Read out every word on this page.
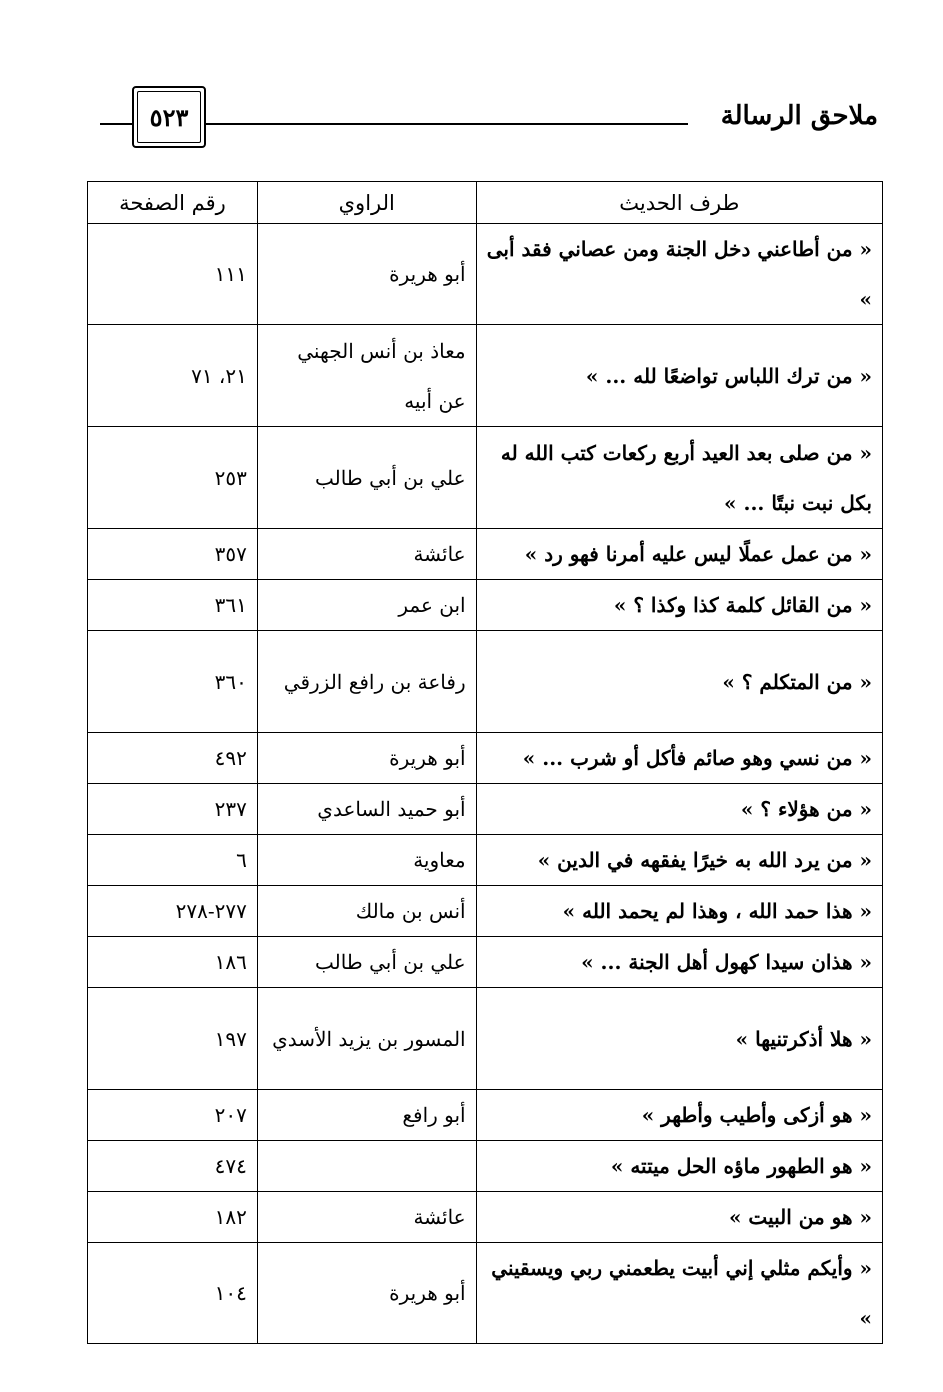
ملاحق الرسالة
٥٢٣
طرف الحديث	الراوي	رقم الصفحة
« من أطاعني دخل الجنة ومن عصاني فقد أبى »	أبو هريرة	١١١
« من ترك اللباس تواضعًا لله ... »	معاذ بن أنس الجهني عن أبيه	٢١، ٧١
« من صلى بعد العيد أربع ركعات كتب الله له بكل نبت نبتًا ... »	علي بن أبي طالب	٢٥٣
« من عمل عملًا ليس عليه أمرنا فهو رد »	عائشة	٣٥٧
« من القائل كلمة كذا وكذا ؟ »	ابن عمر	٣٦١
« من المتكلم ؟ »	رفاعة بن رافع الزرقي	٣٦٠
« من نسي وهو صائم فأكل أو شرب ... »	أبو هريرة	٤٩٢
« من هؤلاء ؟ »	أبو حميد الساعدي	٢٣٧
« من يرد الله به خيرًا يفقهه في الدين »	معاوية	٦
« هذا حمد الله ، وهذا لم يحمد الله »	أنس بن مالك	٢٧٧-٢٧٨
« هذان سيدا كهول أهل الجنة ... »	علي بن أبي طالب	١٨٦
« هلا أذكرتنيها »	المسور بن يزيد الأسدي	١٩٧
« هو أزكى وأطيب وأطهر »	أبو رافع	٢٠٧
« هو الطهور ماؤه الحل ميتته »		٤٧٤
« هو من البيت »	عائشة	١٨٢
« وأيكم مثلي إني أبيت يطعمني ربي ويسقيني »	أبو هريرة	١٠٤
